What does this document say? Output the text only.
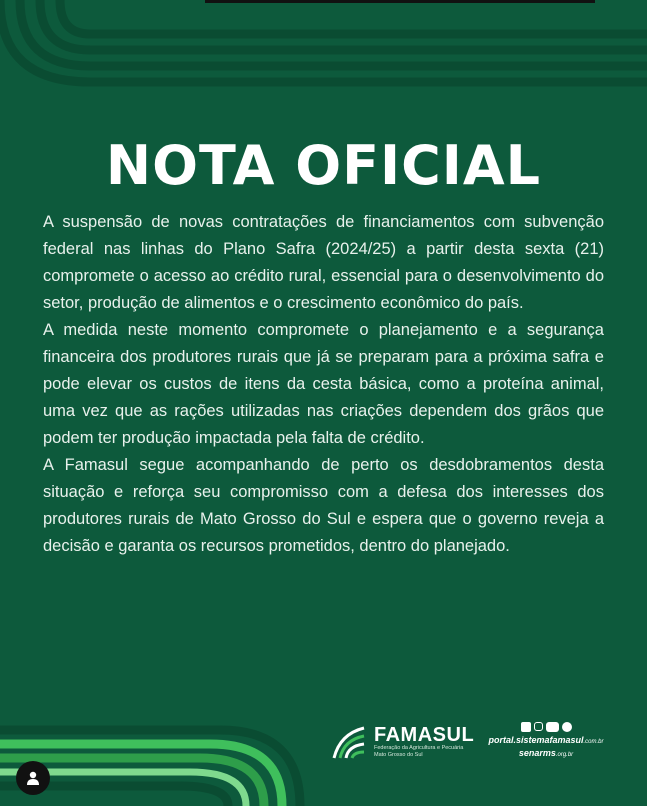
NOTA OFICIAL

A suspensão de novas contratações de financiamentos com subvenção federal nas linhas do Plano Safra (2024/25) a partir desta sexta (21) compromete o acesso ao crédito rural, essencial para o desenvolvimento do setor, produção de alimentos e o crescimento econômico do país.

A medida neste momento compromete o planejamento e a segurança financeira dos produtores rurais que já se preparam para a próxima safra e pode elevar os custos de itens da cesta básica, como a proteína animal, uma vez que as rações utilizadas nas criações dependem dos grãos que podem ter produção impactada pela falta de crédito.

A Famasul segue acompanhando de perto os desdobramentos desta situação e reforça seu compromisso com a defesa dos interesses dos produtores rurais de Mato Grosso do Sul e espera que o governo reveja a decisão e garanta os recursos prometidos, dentro do planejado.

FAMASUL
Federação da Agricultura e Pecuária
Mato Grosso do Sul
portal.sistemafamasul.com.br
senarms.org.br
